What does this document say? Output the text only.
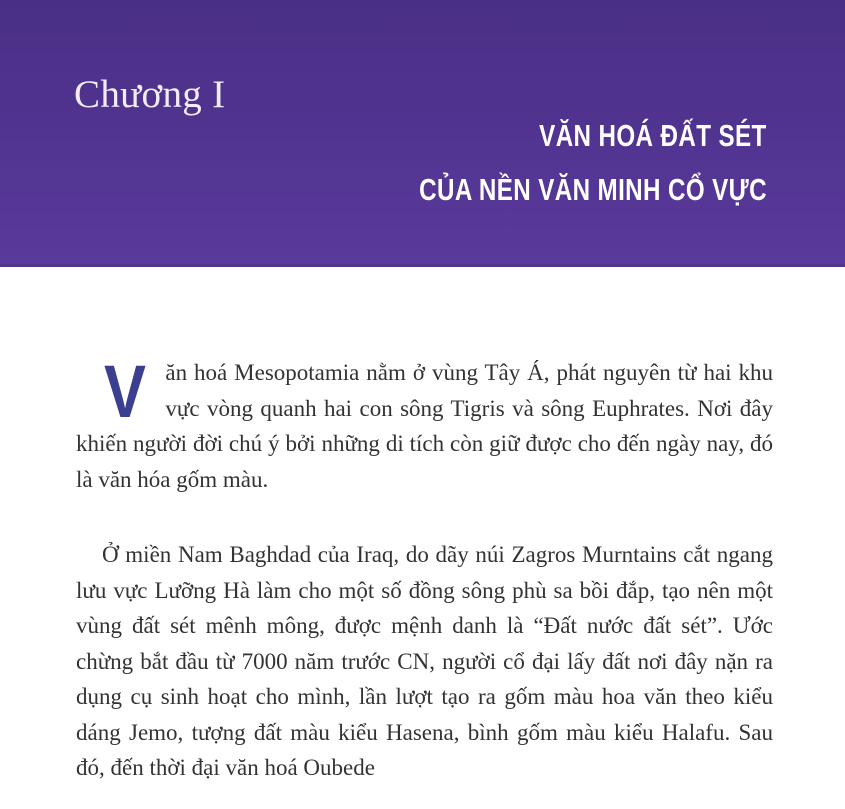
Chương I
VĂN HOÁ ĐẤT SÉT
CỦA NỀN VĂN MINH CỔ VỰC

Văn hoá Mesopotamia nằm ở vùng Tây Á, phát nguyên từ hai khu vực vòng quanh hai con sông Tigris và sông Euphrates. Nơi đây khiến người đời chú ý bởi những di tích còn giữ được cho đến ngày nay, đó là văn hóa gốm màu.

Ở miền Nam Baghdad của Iraq, do dãy núi Zagros Murntains cắt ngang lưu vực Lưỡng Hà làm cho một số đồng sông phù sa bồi đắp, tạo nên một vùng đất sét mênh mông, được mệnh danh là “Đất nước đất sét”. Ước chừng bắt đầu từ 7000 năm trước CN, người cổ đại lấy đất nơi đây nặn ra dụng cụ sinh hoạt cho mình, lần lượt tạo ra gốm màu hoa văn theo kiểu dáng Jemo, tượng đất màu kiểu Hasena, bình gốm màu kiểu Halafu. Sau đó, đến thời đại văn hoá Oubede
